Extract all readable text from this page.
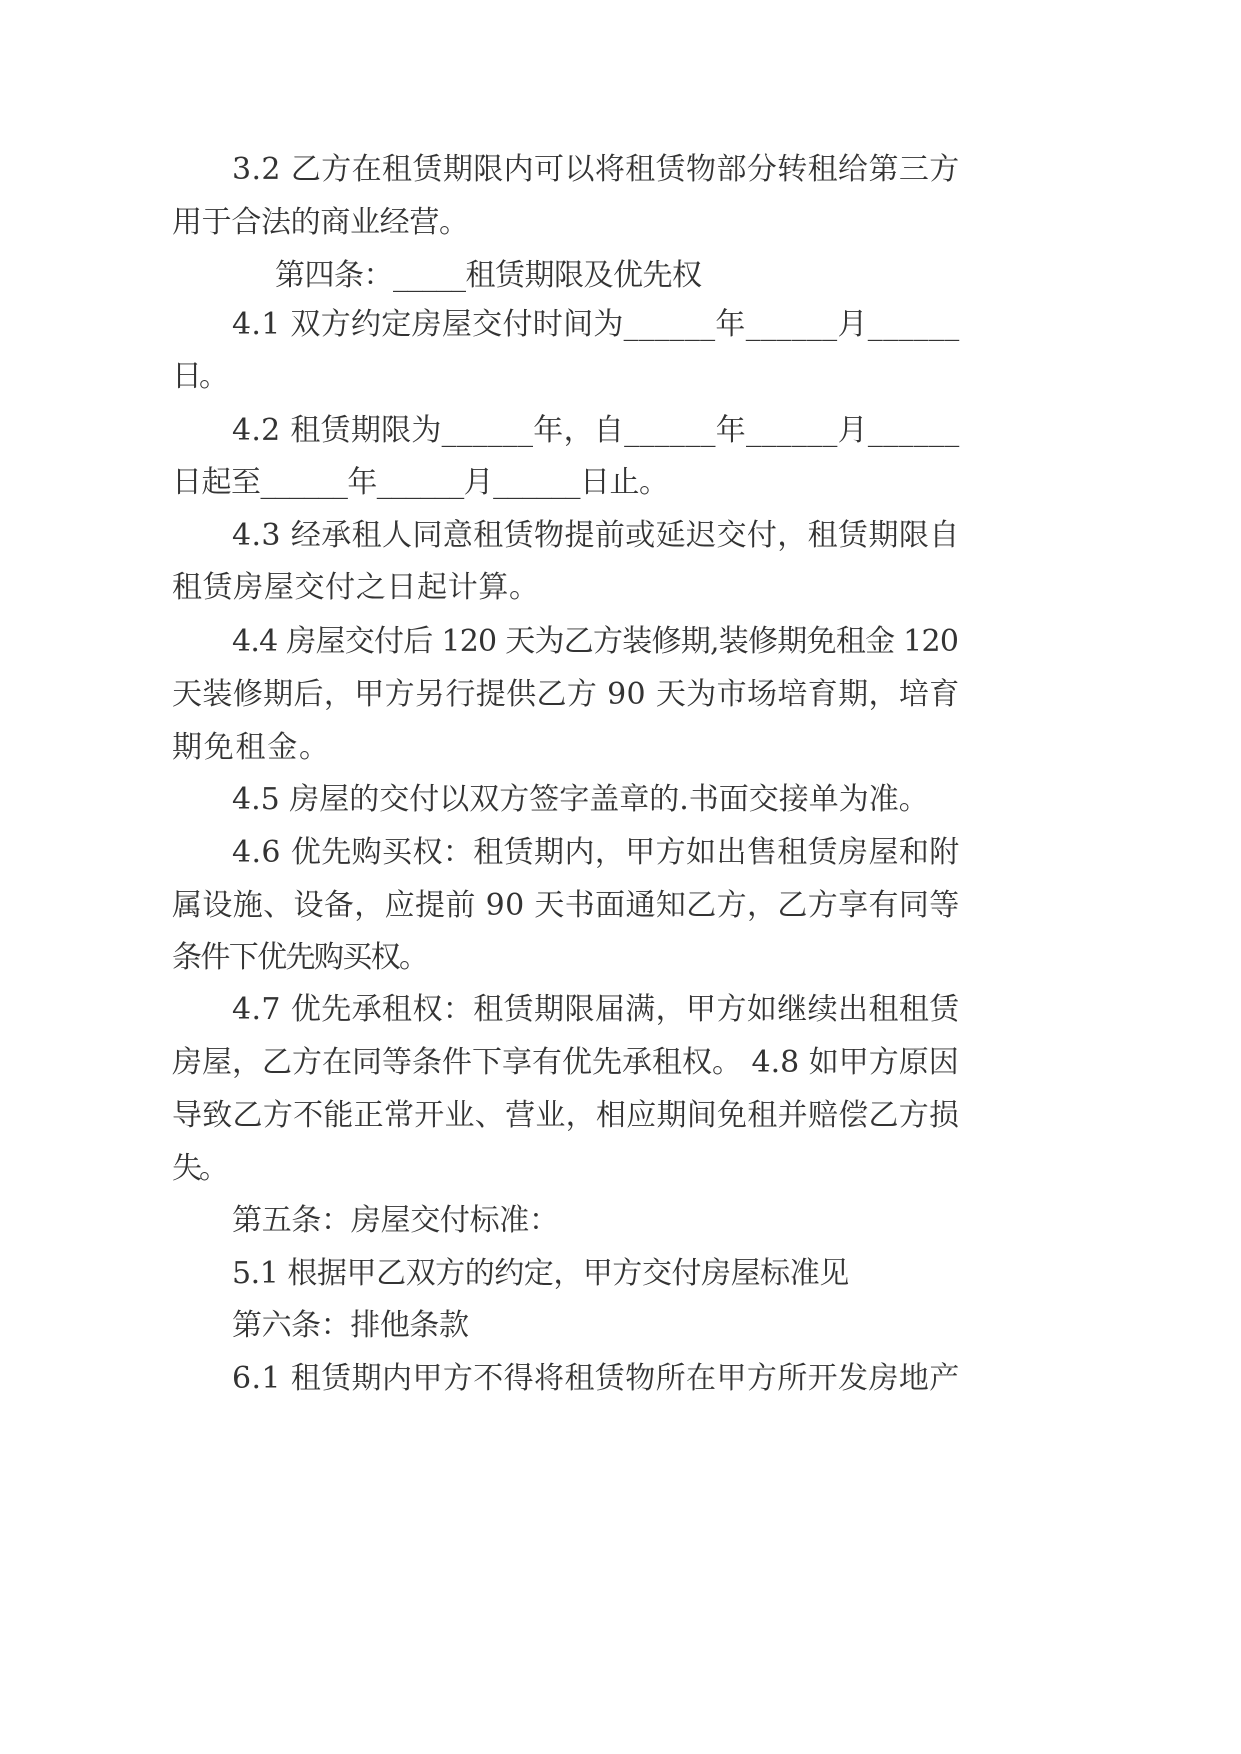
3.2 乙方在租赁期限内可以将租赁物部分转租给第三方
用于合法的商业经营。
第四条：_____租赁期限及优先权
4.1 双方约定房屋交付时间为______年______月______
日。
4.2 租赁期限为______年，自______年______月______
日起至______年______月______日止。
4.3 经承租人同意租赁物提前或延迟交付，租赁期限自
租赁房屋交付之日起计算。
4.4 房屋交付后 120 天为乙方装修期,装修期免租金 120
天装修期后，甲方另行提供乙方 90 天为市场培育期，培育
期免租金。
4.5 房屋的交付以双方签字盖章的.书面交接单为准。
4.6 优先购买权：租赁期内，甲方如出售租赁房屋和附
属设施、设备，应提前 90 天书面通知乙方，乙方享有同等
条件下优先购买权。
4.7 优先承租权：租赁期限届满，甲方如继续出租租赁
房屋，乙方在同等条件下享有优先承租权。 4.8 如甲方原因
导致乙方不能正常开业、营业，相应期间免租并赔偿乙方损
失。
第五条：房屋交付标准：
5.1 根据甲乙双方的约定，甲方交付房屋标准见
第六条：排他条款
6.1 租赁期内甲方不得将租赁物所在甲方所开发房地产
